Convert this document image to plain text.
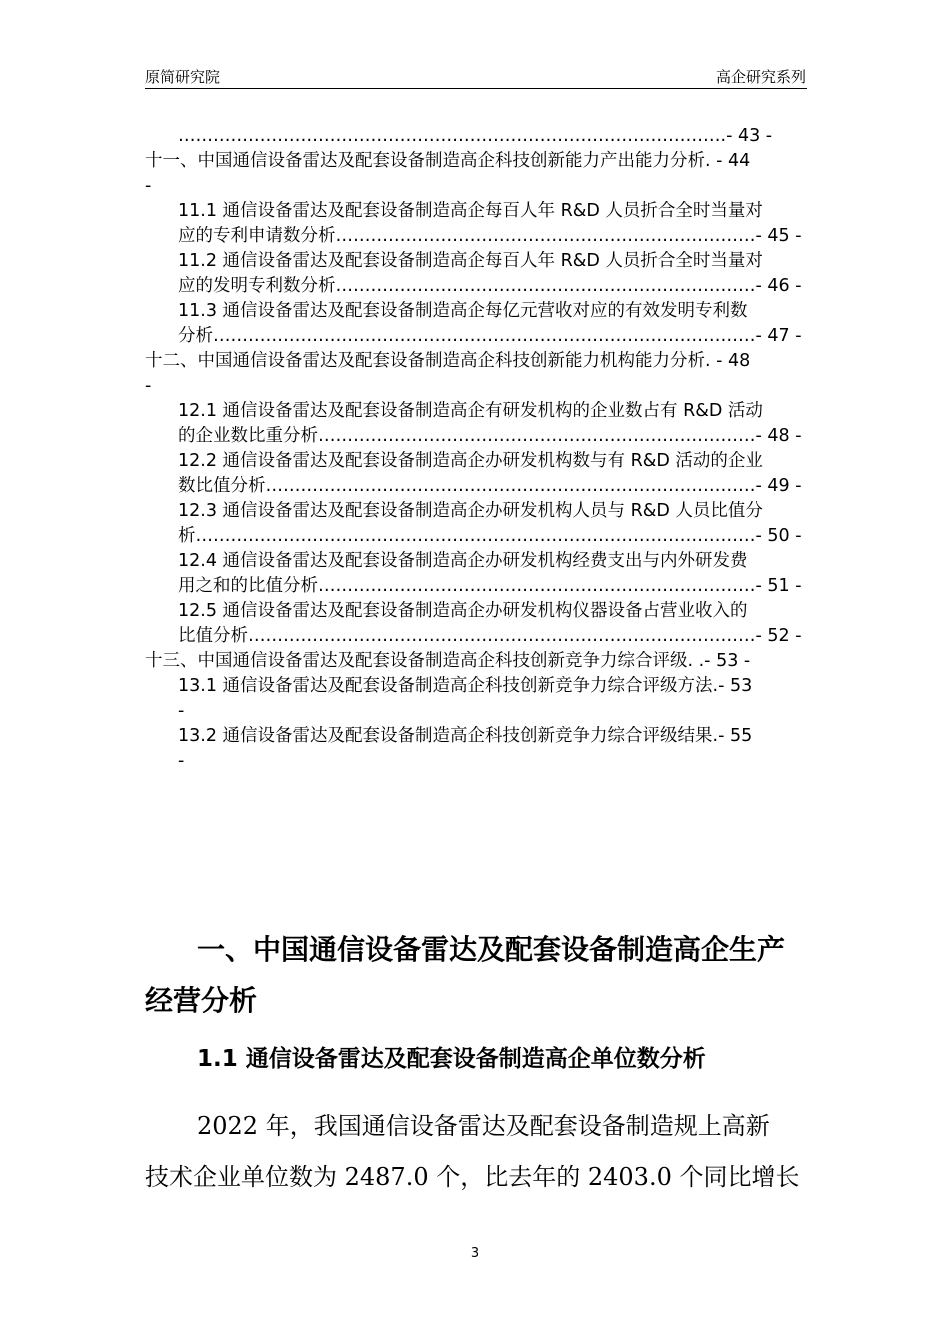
原简研究院	高企研究系列
………………………………………………………………………………….- 43 -
十一、中国通信设备雷达及配套设备制造高企科技创新能力产出能力分析. - 44
-
11.1 通信设备雷达及配套设备制造高企每百人年 R&D 人员折合全时当量对
应的专利申请数分析………………………………………………………………- 45 -
11.2 通信设备雷达及配套设备制造高企每百人年 R&D 人员折合全时当量对
应的发明专利数分析………………………………………………………………- 46 -
11.3 通信设备雷达及配套设备制造高企每亿元营收对应的有效发明专利数
分析…………………………………………………………………………………- 47 -
十二、中国通信设备雷达及配套设备制造高企科技创新能力机构能力分析. - 48
-
12.1 通信设备雷达及配套设备制造高企有研发机构的企业数占有 R&D 活动
的企业数比重分析…………………………………………………………………- 48 -
12.2 通信设备雷达及配套设备制造高企办研发机构数与有 R&D 活动的企业
数比值分析…………………………………………………………………………- 49 -
12.3 通信设备雷达及配套设备制造高企办研发机构人员与 R&D 人员比值分
析……………………………………………………………………………………- 50 -
12.4 通信设备雷达及配套设备制造高企办研发机构经费支出与内外研发费
用之和的比值分析…………………………………………………………………- 51 -
12.5 通信设备雷达及配套设备制造高企办研发机构仪器设备占营业收入的
比值分析……………………………………………………………………………- 52 -
十三、中国通信设备雷达及配套设备制造高企科技创新竞争力综合评级. .- 53 -
13.1 通信设备雷达及配套设备制造高企科技创新竞争力综合评级方法.- 53
-
13.2 通信设备雷达及配套设备制造高企科技创新竞争力综合评级结果.- 55
-
一、中国通信设备雷达及配套设备制造高企生产
经营分析
1.1 通信设备雷达及配套设备制造高企单位数分析
2022 年，我国通信设备雷达及配套设备制造规上高新
技术企业单位数为 2487.0 个，比去年的 2403.0 个同比增长
3
